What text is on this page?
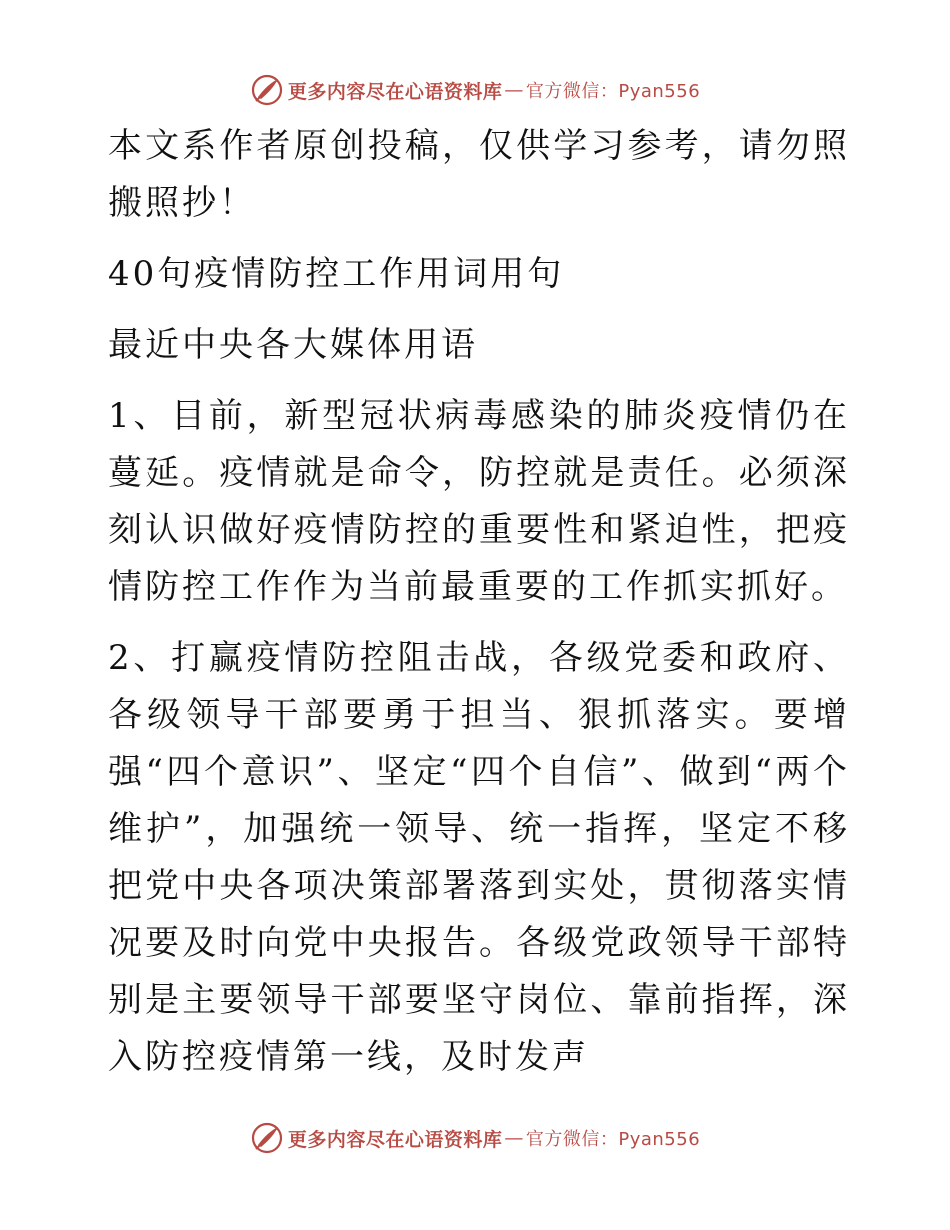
更多内容尽在心语资料库 — 官方微信：Pyan556

本文系作者原创投稿，仅供学习参考，请勿照搬照抄！

40句疫情防控工作用词用句

最近中央各大媒体用语

1、目前，新型冠状病毒感染的肺炎疫情仍在蔓延。疫情就是命令，防控就是责任。必须深刻认识做好疫情防控的重要性和紧迫性，把疫情防控工作作为当前最重要的工作抓实抓好。

2、打赢疫情防控阻击战，各级党委和政府、各级领导干部要勇于担当、狠抓落实。要增强“四个意识”、坚定“四个自信”、做到“两个维护”，加强统一领导、统一指挥，坚定不移把党中央各项决策部署落到实处，贯彻落实情况要及时向党中央报告。各级党政领导干部特别是主要领导干部要坚守岗位、靠前指挥，深入防控疫情第一线，及时发声

更多内容尽在心语资料库 — 官方微信：Pyan556
